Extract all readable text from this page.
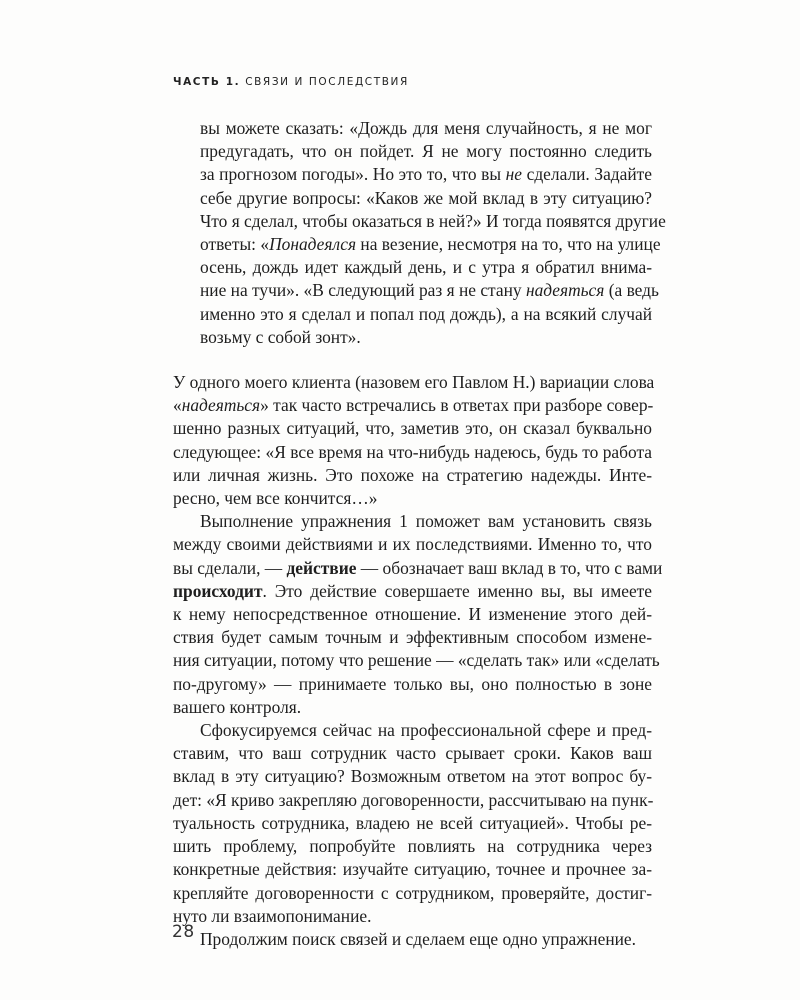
ЧАСТЬ 1. СВЯЗИ И ПОСЛЕДСТВИЯ
вы можете сказать: «Дождь для меня случайность, я не мог
предугадать, что он пойдет. Я не могу постоянно следить
за прогнозом погоды». Но это то, что вы не сделали. Задайте
себе другие вопросы: «Каков же мой вклад в эту ситуацию?
Что я сделал, чтобы оказаться в ней?» И тогда появятся другие
ответы: «Понадеялся на везение, несмотря на то, что на улице
осень, дождь идет каждый день, и с утра я обратил внима-
ние на тучи». «В следующий раз я не стану надеяться (а ведь
именно это я сделал и попал под дождь), а на всякий случай
возьму с собой зонт».
У одного моего клиента (назовем его Павлом Н.) вариации слова
«надеяться» так часто встречались в ответах при разборе совер-
шенно разных ситуаций, что, заметив это, он сказал буквально
следующее: «Я все время на что-нибудь надеюсь, будь то работа
или личная жизнь. Это похоже на стратегию надежды. Инте-
ресно, чем все кончится…»
Выполнение упражнения 1 поможет вам установить связь
между своими действиями и их последствиями. Именно то, что
вы сделали, — действие — обозначает ваш вклад в то, что с вами
происходит. Это действие совершаете именно вы, вы имеете
к нему непосредственное отношение. И изменение этого дей-
ствия будет самым точным и эффективным способом измене-
ния ситуации, потому что решение — «сделать так» или «сделать
по-другому» — принимаете только вы, оно полностью в зоне
вашего контроля.
Сфокусируемся сейчас на профессиональной сфере и пред-
ставим, что ваш сотрудник часто срывает сроки. Каков ваш
вклад в эту ситуацию? Возможным ответом на этот вопрос бу-
дет: «Я криво закрепляю договоренности, рассчитываю на пунк-
туальность сотрудника, владею не всей ситуацией». Чтобы ре-
шить проблему, попробуйте повлиять на сотрудника через
конкретные действия: изучайте ситуацию, точнее и прочнее за-
крепляйте договоренности с сотрудником, проверяйте, достиг-
нуто ли взаимопонимание.
Продолжим поиск связей и сделаем еще одно упражнение.
28
